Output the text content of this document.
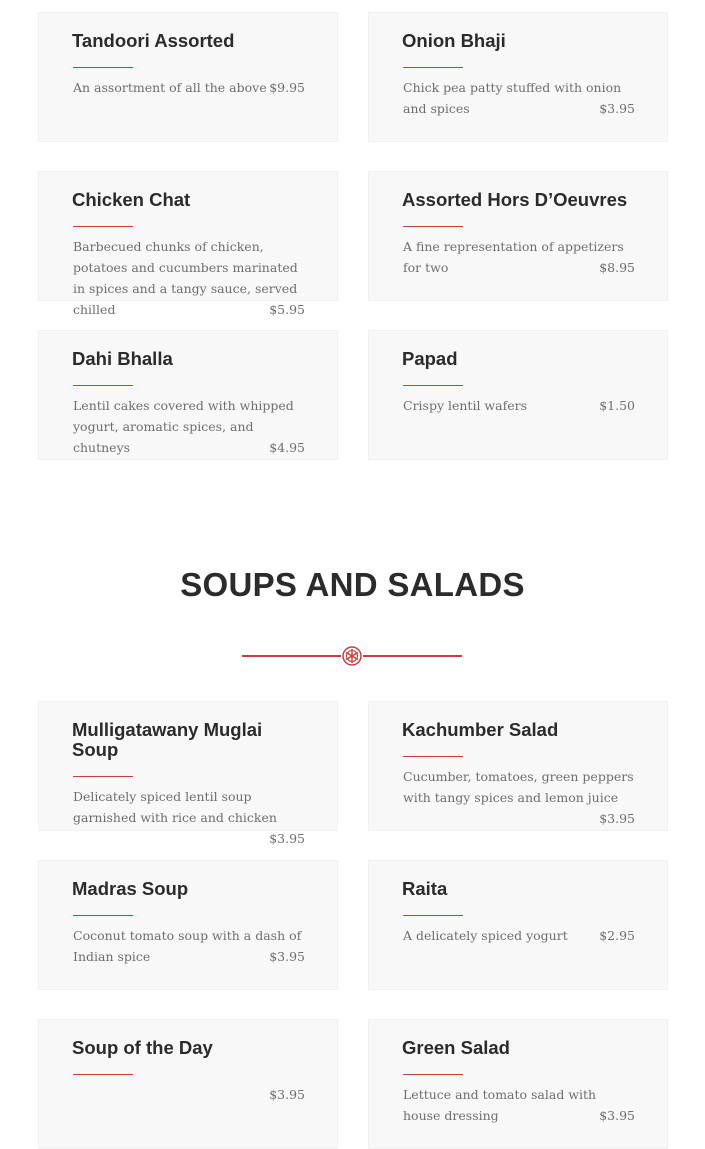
Tandoori Assorted
An assortment of all the above $9.95
Onion Bhaji
Chick pea patty stuffed with onion and spices	$3.95
Chicken Chat
Barbecued chunks of chicken, potatoes and cucumbers marinated in spices and a tangy sauce, served chilled	$5.95
Assorted Hors D’Oeuvres
A fine representation of appetizers for two	$8.95
Dahi Bhalla
Lentil cakes covered with whipped yogurt, aromatic spices, and chutneys	$4.95
Papad
Crispy lentil wafers	$1.50
SOUPS AND SALADS
Mulligatawany Muglai Soup
Delicately spiced lentil soup garnished with rice and chicken
$3.95
Kachumber Salad
Cucumber, tomatoes, green peppers with tangy spices and lemon juice
$3.95
Madras Soup
Coconut tomato soup with a dash of Indian spice	$3.95
Raita
A delicately spiced yogurt	$2.95
Soup of the Day
$3.95
Green Salad
Lettuce and tomato salad with house dressing	$3.95
